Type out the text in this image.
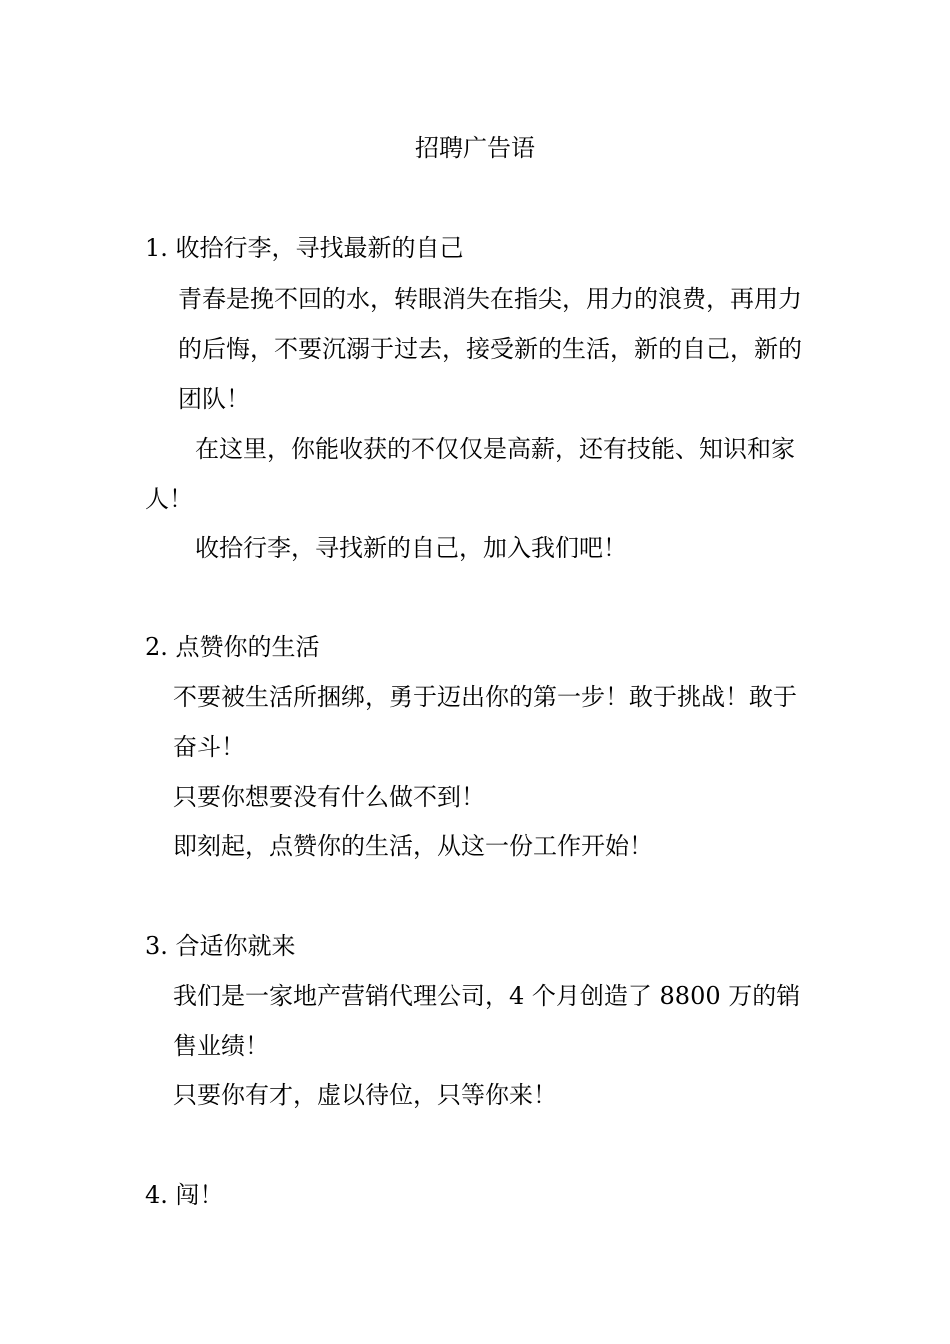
招聘广告语
1. 收拾行李，寻找最新的自己
青春是挽不回的水，转眼消失在指尖，用力的浪费，再用力的后悔，不要沉溺于过去，接受新的生活，新的自己，新的团队！
在这里，你能收获的不仅仅是高薪，还有技能、知识和家人！
收拾行李，寻找新的自己，加入我们吧！
2. 点赞你的生活
不要被生活所捆绑，勇于迈出你的第一步！敢于挑战！敢于奋斗！
只要你想要没有什么做不到！
即刻起，点赞你的生活，从这一份工作开始！
3. 合适你就来
我们是一家地产营销代理公司，4 个月创造了 8800 万的销售业绩！
只要你有才，虚以待位，只等你来！
4. 闯！
